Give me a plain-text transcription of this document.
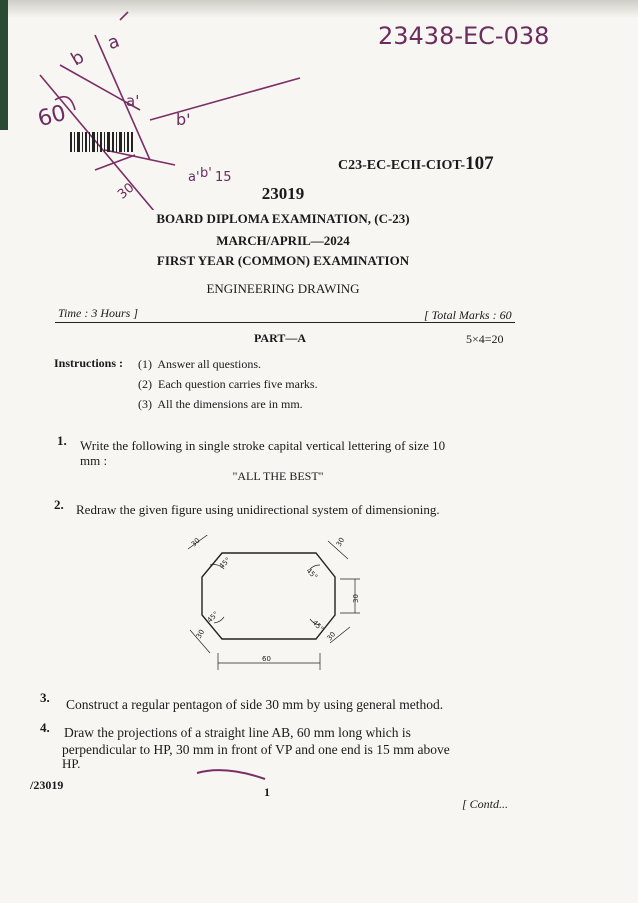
23438-EC-038
b
a
60	a'
b'
30
a' b' 15
C23-EC-ECII-CIOT-107
23019
BOARD DIPLOMA EXAMINATION, (C-23)
MARCH/APRIL—2024
FIRST YEAR (COMMON) EXAMINATION
ENGINEERING DRAWING
Time : 3 Hours ]	[ Total Marks : 60
PART—A	5×4=20
Instructions : (1) Answer all questions.
(2) Each question carries five marks.
(3) All the dimensions are in mm.
1. Write the following in single stroke capital vertical lettering of size 10
mm :
"ALL THE BEST"
2. Redraw the given figure using unidirectional system of dimensioning.
30
45°
30
45°
30
45°
30
45°
30
60
3. Construct a regular pentagon of side 30 mm by using general method.
4. Draw the projections of a straight line AB, 60 mm long which is
perpendicular to HP, 30 mm in front of VP and one end is 15 mm above
HP.
/23019	1
[ Contd...
